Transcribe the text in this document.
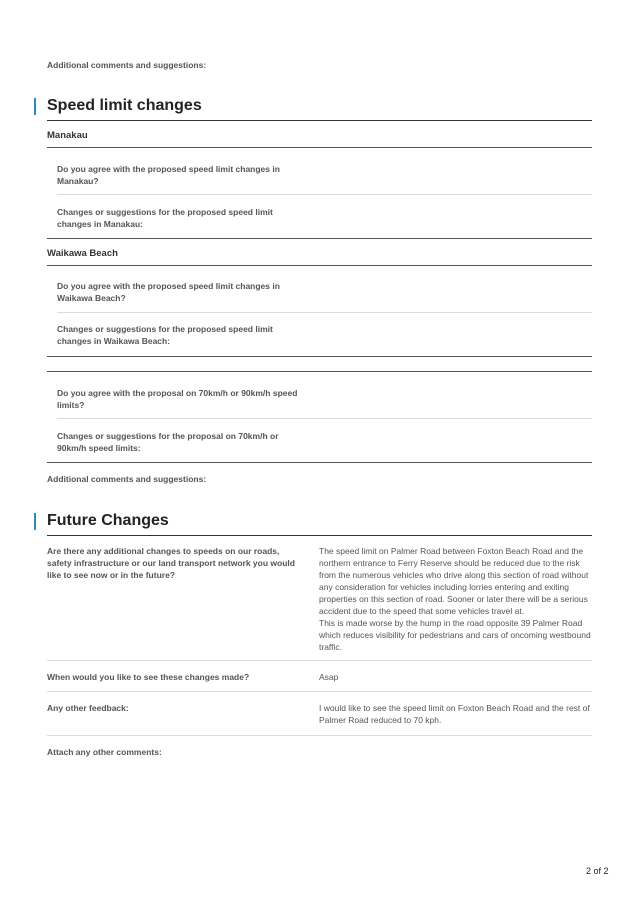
Additional comments and suggestions:
Speed limit changes
Manakau
Do you agree with the proposed speed limit changes in Manakau?
Changes or suggestions for the proposed speed limit changes in Manakau:
Waikawa Beach
Do you agree with the proposed speed limit changes in Waikawa Beach?
Changes or suggestions for the proposed speed limit changes in Waikawa Beach:
Do you agree with the proposal on 70km/h or 90km/h speed limits?
Changes or suggestions for the proposal on 70km/h or 90km/h speed limits:
Additional comments and suggestions:
Future Changes
Are there any additional changes to speeds on our roads, safety infrastructure or our land transport network you would like to see now or in the future?
The speed limit on Palmer Road between Foxton Beach Road and the northern entrance to Ferry Reserve should be reduced due to the risk from the numerous vehicles who drive along this section of road without any consideration for vehicles including lorries entering and exiting properties on this section of road. Sooner or later there will be a serious accident due to the speed that some vehicles travel at.
This is made worse by the hump in the road opposite 39 Palmer Road which reduces visibility for pedestrians and cars of oncoming westbound traffic.
When would you like to see these changes made?	Asap
Any other feedback:	I would like to see the speed limit on Foxton Beach Road and the rest of Palmer Road reduced to 70 kph.
Attach any other comments:
2 of 2
